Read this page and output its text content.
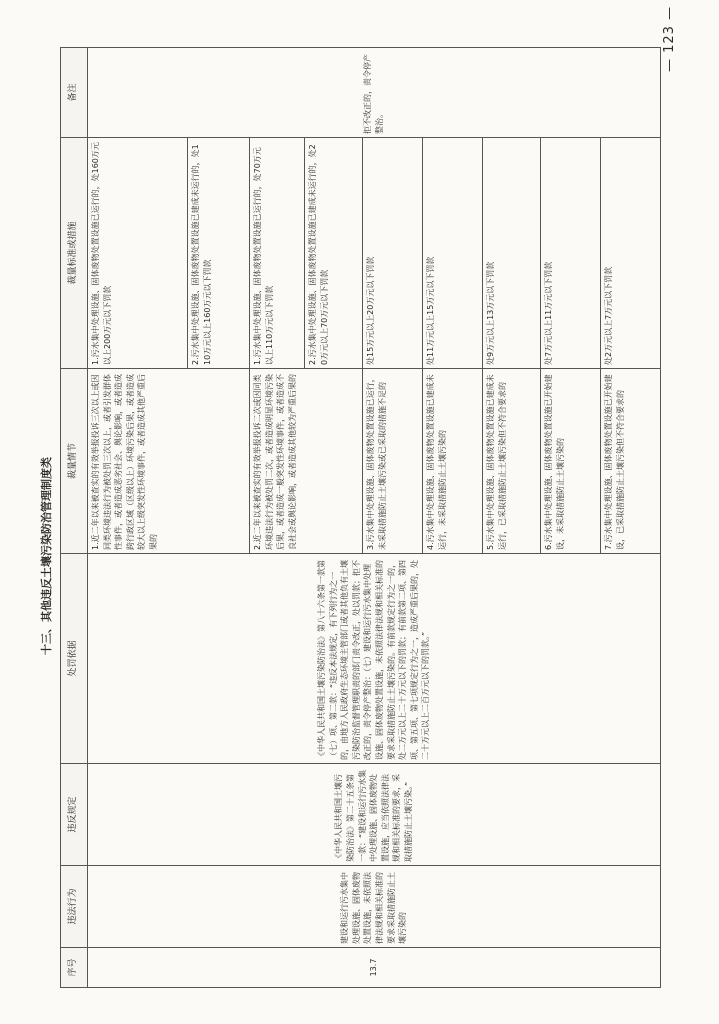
十三、其他违反土壤污染防治管理制度类
序号	违法行为	违反规定	处罚依据	裁量情节	裁量标准或措施	备注
13.7	建设和运行污水集中处理设施、固体废物处置设施，未依照法律法规和相关标准的要求采取措施防止土壤污染的	《中华人民共和国土壤污染防治法》第二十五条第一款：“建设和运行污水集中处理设施、固体废物处置设施，应当依照法律法规和相关标准的要求，采取措施防止土壤污染。”	《中华人民共和国土壤污染防治法》第八十六条第一款第（七）项、第二款：“违反本法规定，有下列行为之一的，由地方人民政府生态环境主管部门或者其他负有土壤污染防治监督管理职责的部门责令改正，处以罚款；拒不改正的，责令停产整治：（七）建设和运行污水集中处理设施、固体废物处置设施，未依照法律法规和相关标准的要求采取措施防止土壤污染的。有前款规定行为之一的，处二万元以上二十万元以下的罚款；有前款第二项、第四项、第五项、第七项规定行为之一，造成严重后果的，处二十万元以上二百万元以下的罚款。”	1.近二年以来被查实的有效举报投诉三次以上或因同类环境违法行为被处罚三次以上，或者引发群体性事件，或者造成恶劣社会、舆论影响，或者造成跨行政区域（区级以上）环境污染后果，或者造成较大以上级突发性环境事件，或者造成其他严重后果的	1.污水集中处理设施、固体废物处置设施已运行的，处160万元以上200万元以下罚款	拒不改正的，责令停产整治。
					2.污水集中处理设施、固体废物处置设施已建成未运行的，处110万元以上160万元以下罚款	
				2.近二年以来被查实的有效举报投诉二次或因同类环境违法行为被处罚二次，或者造成明显环境污染后果，或者造成一般突发性环境事件，或者造成不良社会或舆论影响，或者造成其他较为严重后果的	1.污水集中处理设施、固体废物处置设施已运行的，处70万元以上110万元以下罚款	
					2.污水集中处理设施、固体废物处置设施已建成未运行的，处20万元以上70万元以下罚款	
				3.污水集中处理设施、固体废物处置设施已运行，未采取措施防止土壤污染或已采取的措施不足的	处15万元以上20万元以下罚款	
				4.污水集中处理设施、固体废物处置设施已建成未运行，未采取措施防止土壤污染的	处11万元以上15万元以下罚款	
				5.污水集中处理设施、固体废物处置设施已建成未运行，已采取措施防止土壤污染但不符合要求的	处9万元以上13万元以下罚款	
				6.污水集中处理设施、固体废物处置设施已开始建设，未采取措施防止土壤污染的	处7万元以上11万元以下罚款	
				7.污水集中处理设施、固体废物处置设施已开始建设，已采取措施防止土壤污染但不符合要求的	处2万元以上7万元以下罚款	
— 123 —
